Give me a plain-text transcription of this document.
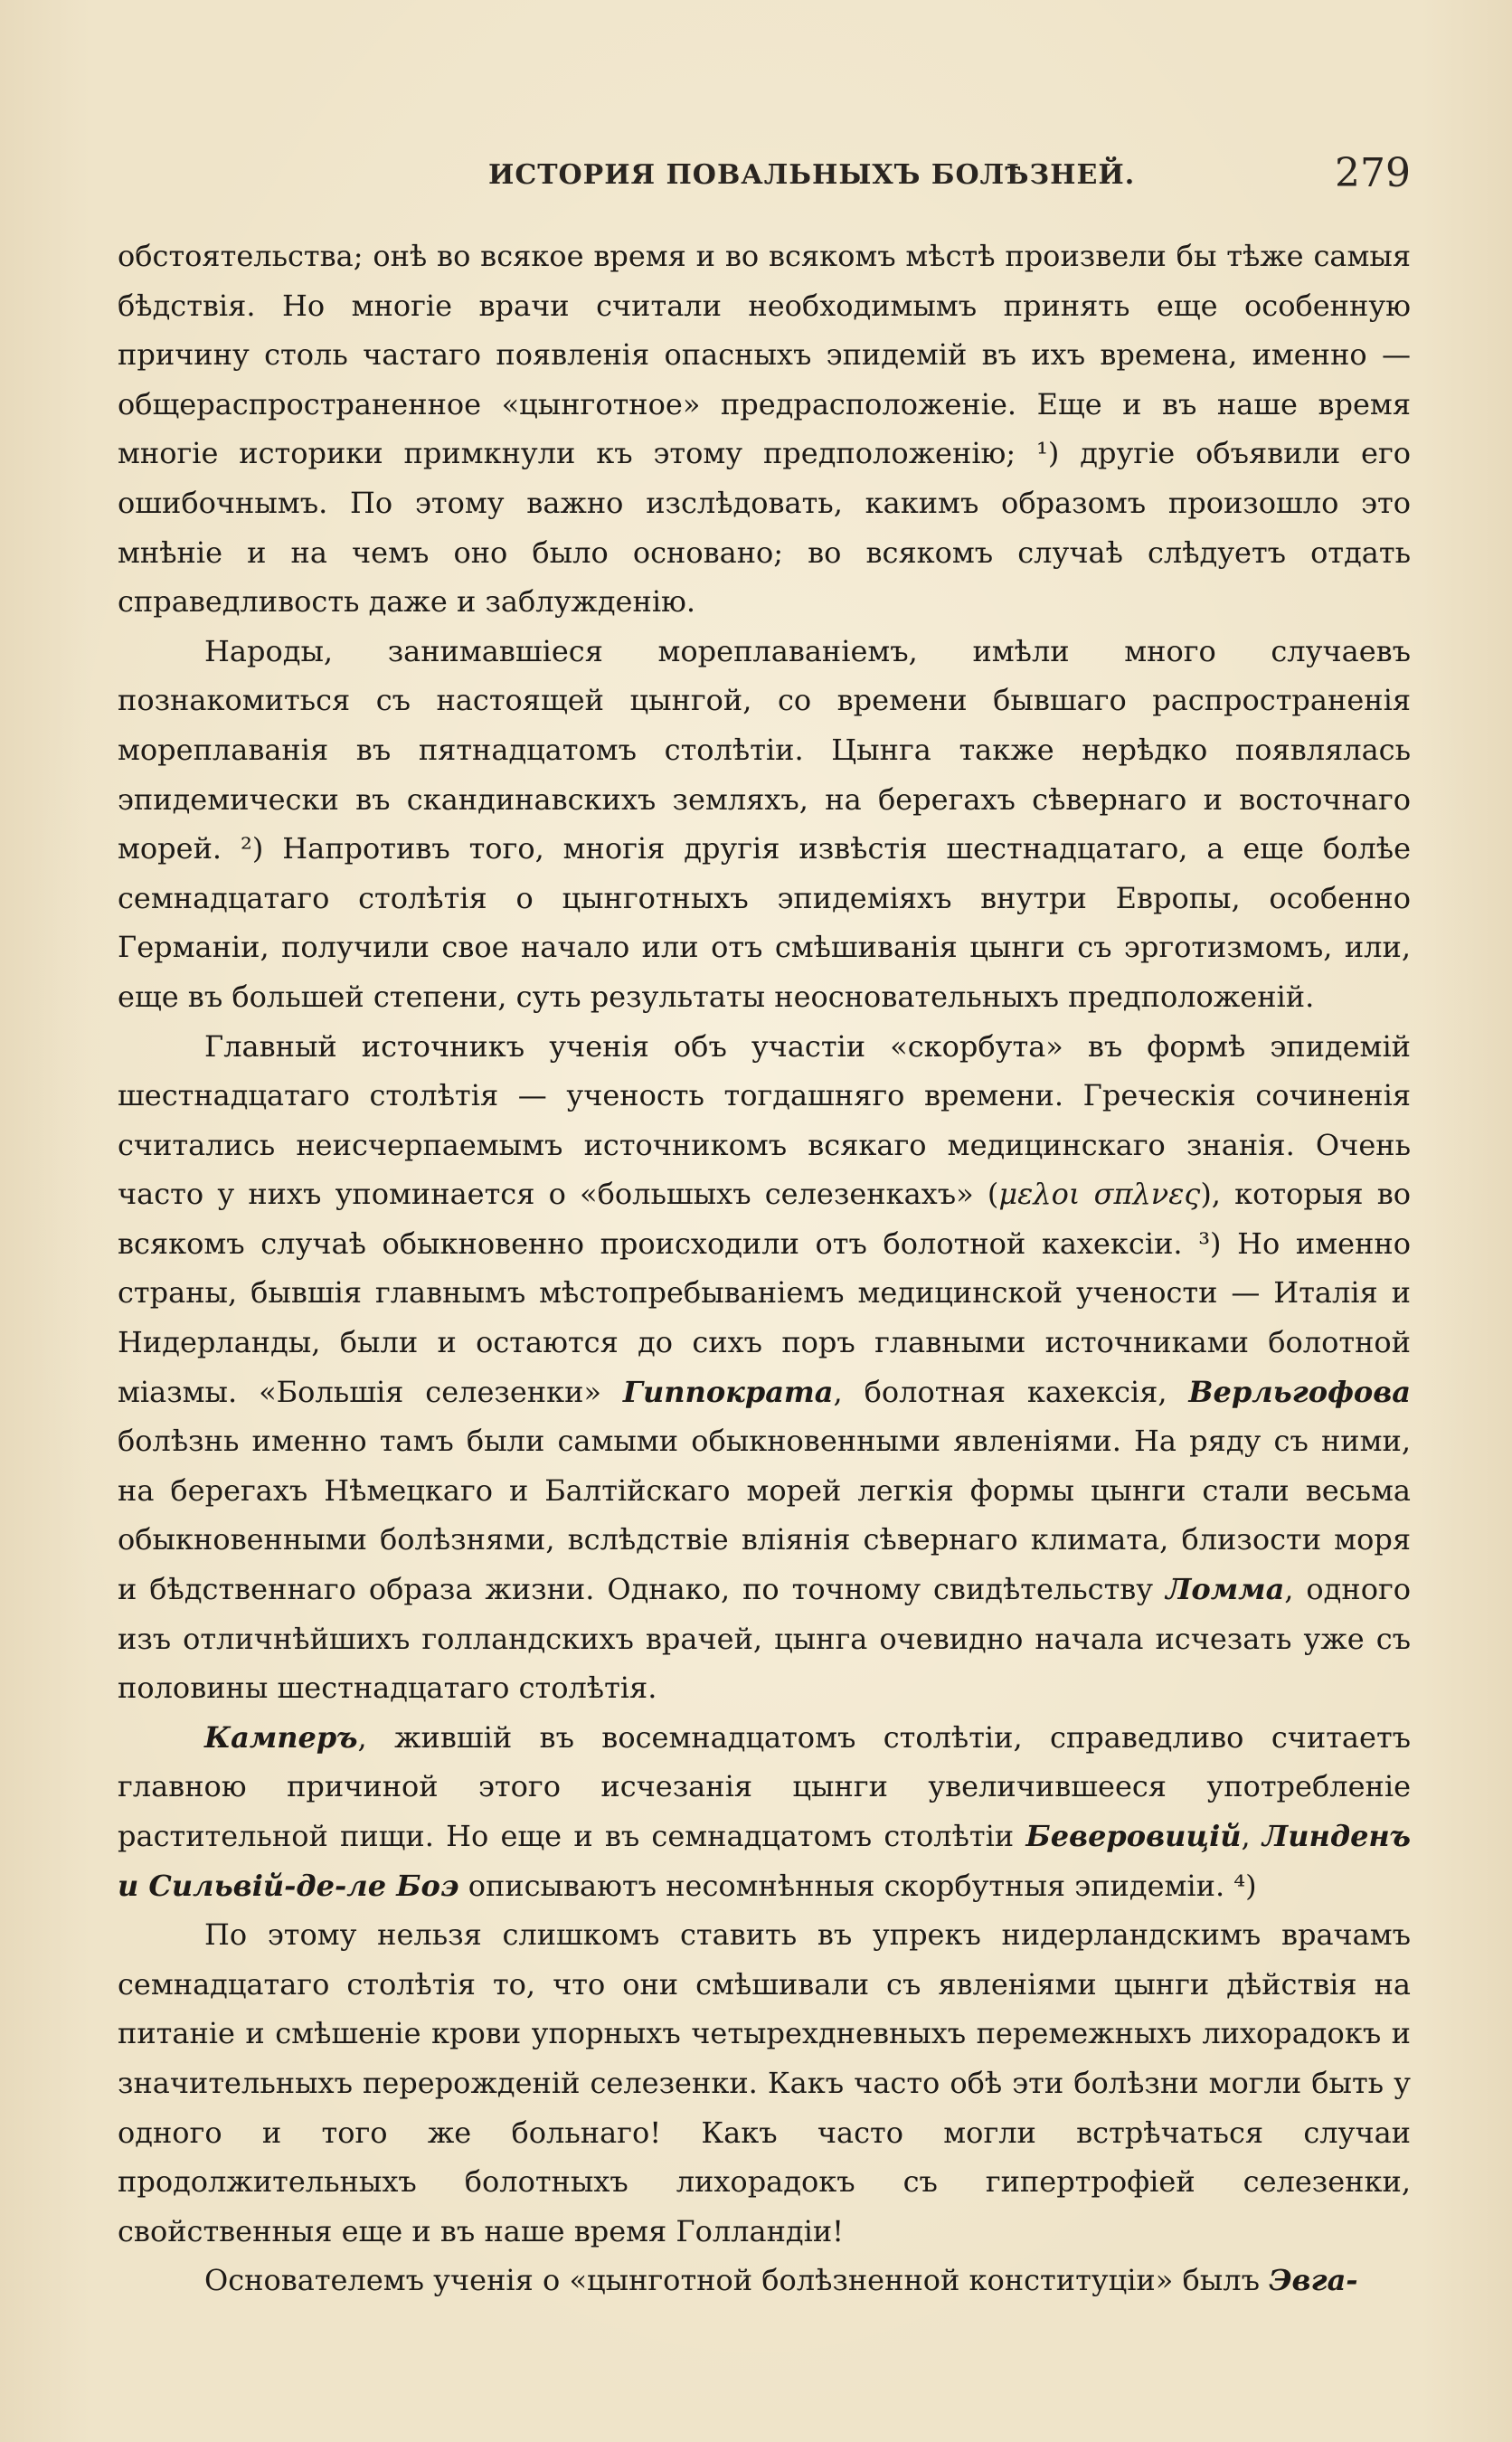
ИСТОРИЯ ПОВАЛЬНЫХЪ БОЛѢЗНЕЙ.	279

обстоятельства; онѣ во всякое время и во всякомъ мѣстѣ произвели бы тѣже самыя бѣдствія. Но многіе врачи считали необходимымъ принять еще особенную причину столь частаго появленія опасныхъ эпидемій въ ихъ времена, именно — общераспространенное «цынготное» предрасположеніе. Еще и въ наше время многіе историки примкнули къ этому предположенію; ¹) другіе объявили его ошибочнымъ. По этому важно изслѣдовать, какимъ образомъ произошло это мнѣніе и на чемъ оно было основано; во всякомъ случаѣ слѣдуетъ отдать справедливость даже и заблужденію.

Народы, занимавшіеся мореплаваніемъ, имѣли много случаевъ познакомиться съ настоящей цынгой, со времени бывшаго распространенія мореплаванія въ пятнадцатомъ столѣтіи. Цынга также нерѣдко появлялась эпидемически въ скандинавскихъ земляхъ, на берегахъ сѣвернаго и восточнаго морей. ²) Напротивъ того, многія другія извѣстія шестнадцатаго, а еще болѣе семнадцатаго столѣтія о цынготныхъ эпидеміяхъ внутри Европы, особенно Германіи, получили свое начало или отъ смѣшиванія цынги съ эрготизмомъ, или, еще въ большей степени, суть результаты неосновательныхъ предположеній.

Главный источникъ ученія объ участіи «скорбута» въ формѣ эпидемій шестнадцатаго столѣтія — ученость тогдашняго времени. Греческія сочиненія считались неисчерпаемымъ источникомъ всякаго медицинскаго знанія. Очень часто у нихъ упоминается о «большыхъ селезенкахъ» (μελοι σπλνες), которыя во всякомъ случаѣ обыкновенно происходили отъ болотной кахексіи. ³) Но именно страны, бывшія главнымъ мѣстопребываніемъ медицинской учености — Италія и Нидерланды, были и остаются до сихъ поръ главными источниками болотной міазмы. «Большія селезенки» Гиппократа, болотная кахексія, Верльгофова болѣзнь именно тамъ были самыми обыкновенными явленіями. На ряду съ ними, на берегахъ Нѣмецкаго и Балтійскаго морей легкія формы цынги стали весьма обыкновенными болѣзнями, вслѣдствіе вліянія сѣвернаго климата, близости моря и бѣдственнаго образа жизни. Однако, по точному свидѣтельству Ломма, одного изъ отличнѣйшихъ голландскихъ врачей, цынга очевидно начала исчезать уже съ половины шестнадцатаго столѣтія.

Камперъ, жившій въ восемнадцатомъ столѣтіи, справедливо считаетъ главною причиной этого исчезанія цынги увеличившееся употребленіе растительной пищи. Но еще и въ семнадцатомъ столѣтіи Беверовицій, Линденъ и Сильвій-де-ле Боэ описываютъ несомнѣнныя скорбутныя эпидеміи. ⁴)

По этому нельзя слишкомъ ставить въ упрекъ нидерландскимъ врачамъ семнадцатаго столѣтія то, что они смѣшивали съ явленіями цынги дѣйствія на питаніе и смѣшеніе крови упорныхъ четырехдневныхъ перемежныхъ лихорадокъ и значительныхъ перерожденій селезенки. Какъ часто обѣ эти болѣзни могли быть у одного и того же больнаго! Какъ часто могли встрѣчаться случаи продолжительныхъ болотныхъ лихорадокъ съ гипертрофіей селезенки, свойственныя еще и въ наше время Голландіи!

Основателемъ ученія о «цынготной болѣзненной конституціи» былъ Эвга-
